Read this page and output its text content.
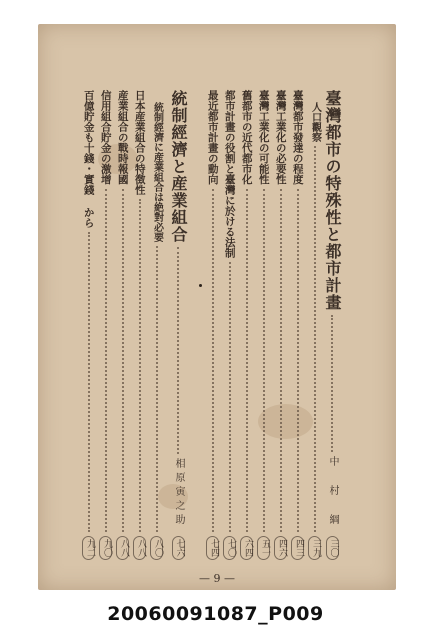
臺灣都市の特殊性と都市計畫
中 村 綱
三〇
人口觀察
三九
臺灣都市發達の程度
四三
臺灣工業化の必要性
四六
臺灣工業化の可能性
五一
舊都市の近代都市化
六四
都市計畫の役割と臺灣に於ける法制
七〇
最近都市計畫の動向
七四
統制經濟と産業組合
相原寅之助
七六
統制經濟に産業組合は絶對必要
八〇
日本産業組合の特徴性
八八
産業組合の戰時報國
八八
信用組合貯金の激增
九〇
百億貯金も十錢・實錢 から
九二
— 9 —
20060091087_P009
